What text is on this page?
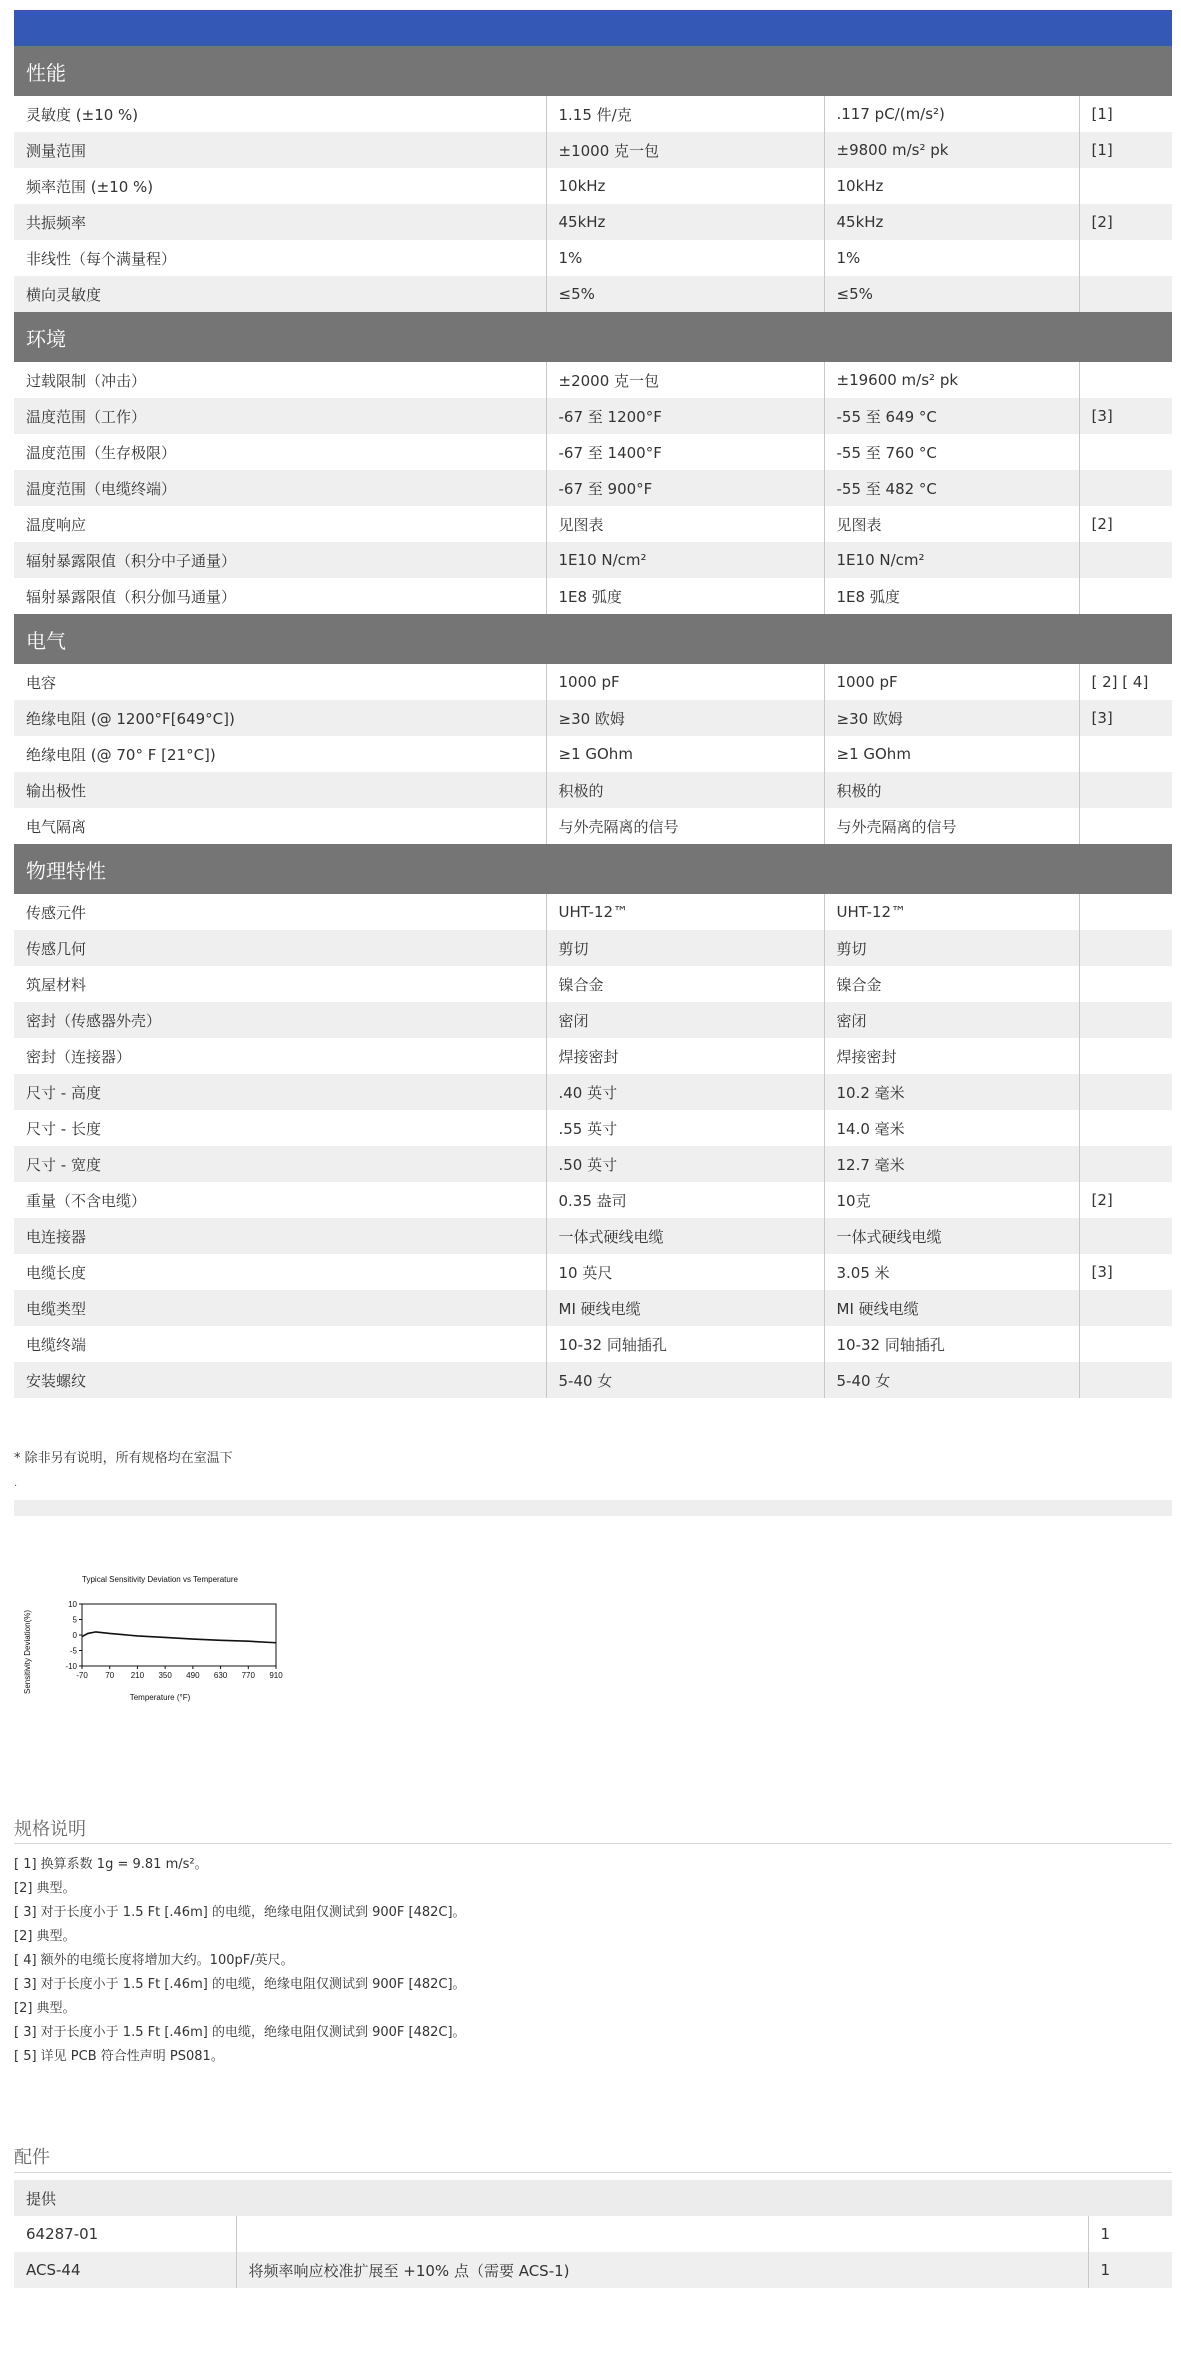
性能			
灵敏度 (±10 %)	1.15 件/克	.117 pC/(m/s²)	[1]
测量范围	±1000 克一包	±9800 m/s² pk	[1]
频率范围 (±10 %)	10kHz	10kHz	
共振频率	45kHz	45kHz	[2]
非线性（每个满量程）	1%	1%	
横向灵敏度	≤5%	≤5%	
环境			
过载限制（冲击）	±2000 克一包	±19600 m/s² pk	
温度范围（工作）	-67 至 1200°F	-55 至 649 °C	[3]
温度范围（生存极限）	-67 至 1400°F	-55 至 760 °C	
温度范围（电缆终端）	-67 至 900°F	-55 至 482 °C	
温度响应	见图表	见图表	[2]
辐射暴露限值（积分中子通量）	1E10 N/cm²	1E10 N/cm²	
辐射暴露限值（积分伽马通量）	1E8 弧度	1E8 弧度	
电气			
电容	1000 pF	1000 pF	[ 2] [ 4]
绝缘电阻 (@ 1200°F[649°C])	≥30 欧姆	≥30 欧姆	[3]
绝缘电阻 (@ 70° F [21°C])	≥1 GOhm	≥1 GOhm	
输出极性	积极的	积极的	
电气隔离	与外壳隔离的信号	与外壳隔离的信号	
物理特性			
传感元件	UHT-12™	UHT-12™	
传感几何	剪切	剪切	
筑屋材料	镍合金	镍合金	
密封（传感器外壳）	密闭	密闭	
密封（连接器）	焊接密封	焊接密封	
尺寸 - 高度	.40 英寸	10.2 毫米	
尺寸 - 长度	.55 英寸	14.0 毫米	
尺寸 - 宽度	.50 英寸	12.7 毫米	
重量（不含电缆）	0.35 盎司	10克	[2]
电连接器	一体式硬线电缆	一体式硬线电缆	
电缆长度	10 英尺	3.05 米	[3]
电缆类型	MI 硬线电缆	MI 硬线电缆	
电缆终端	10-32 同轴插孔	10-32 同轴插孔	
安装螺纹	5-40 女	5-40 女	
* 除非另有说明，所有规格均在室温下
.
Typical Sensitivity Deviation vs Temperature
10
5
0
-5
-10
-70 70 210 350 490 630 770 910
Temperature (°F)
Sensitivity Deviation(%)
规格说明
[ 1] 换算系数 1g = 9.81 m/s²。
[2] 典型。
[ 3] 对于长度小于 1.5 Ft [.46m] 的电缆，绝缘电阻仅测试到 900F [482C]。
[2] 典型。
[ 4] 额外的电缆长度将增加大约。100pF/英尺。
[ 3] 对于长度小于 1.5 Ft [.46m] 的电缆，绝缘电阻仅测试到 900F [482C]。
[2] 典型。
[ 3] 对于长度小于 1.5 Ft [.46m] 的电缆，绝缘电阻仅测试到 900F [482C]。
[ 5] 详见 PCB 符合性声明 PS081。
配件
提供		
64287-01		1
ACS-44	将频率响应校准扩展至 +10% 点（需要 ACS-1)	1
